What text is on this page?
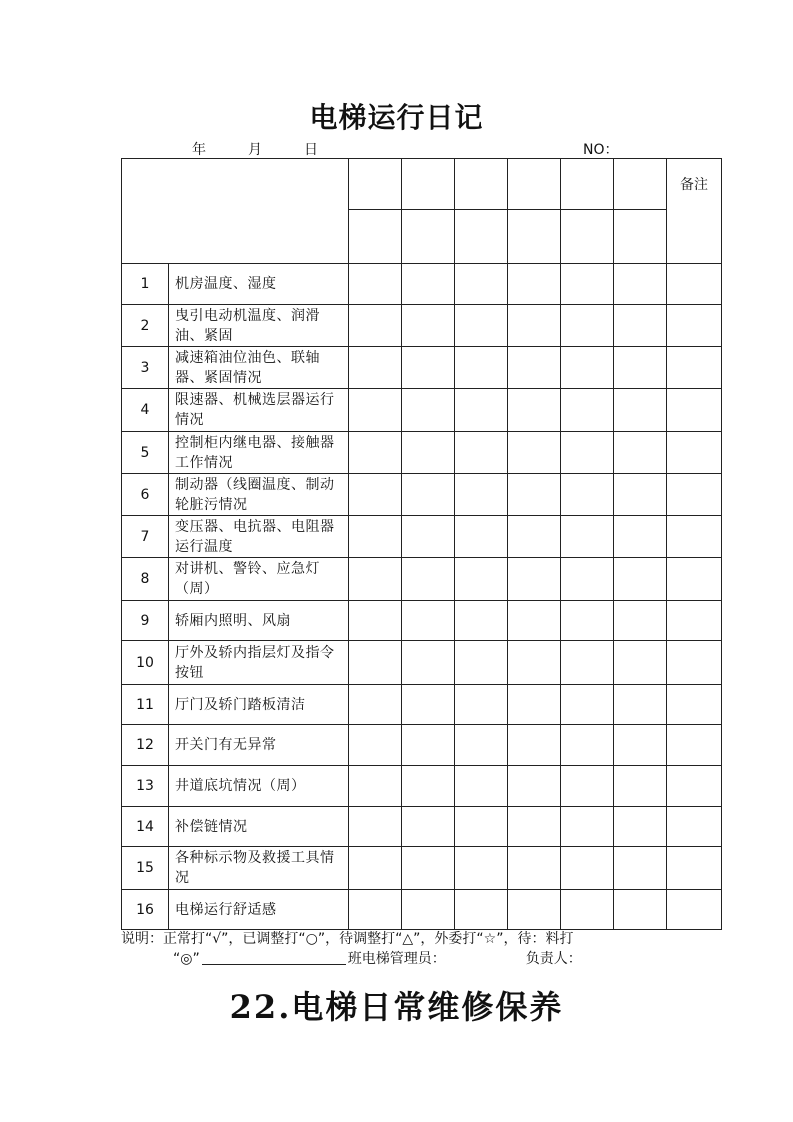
电梯运行日记
年	月	日	NO：
								备注

1	机房温度、湿度							
2	曳引电动机温度、润滑油、紧固							
3	减速箱油位油色、联轴器、紧固情况							
4	限速器、机械选层器运行情况							
5	控制柜内继电器、接触器工作情况							
6	制动器（线圈温度、制动轮脏污情况							
7	变压器、电抗器、电阻器运行温度							
8	对讲机、警铃、应急灯（周）							
9	轿厢内照明、风扇							
10	厅外及轿内指层灯及指令按钮							
11	厅门及轿门踏板清洁							
12	开关门有无异常							
13	井道底坑情况（周）							
14	补偿链情况							
15	各种标示物及救援工具情况							
16	电梯运行舒适感							
说明：正常打“√”，已调整打“○”，待调整打“△”，外委打“☆”，待：料打
“◎”	班电梯管理员：	负责人：
22.电梯日常维修保养
